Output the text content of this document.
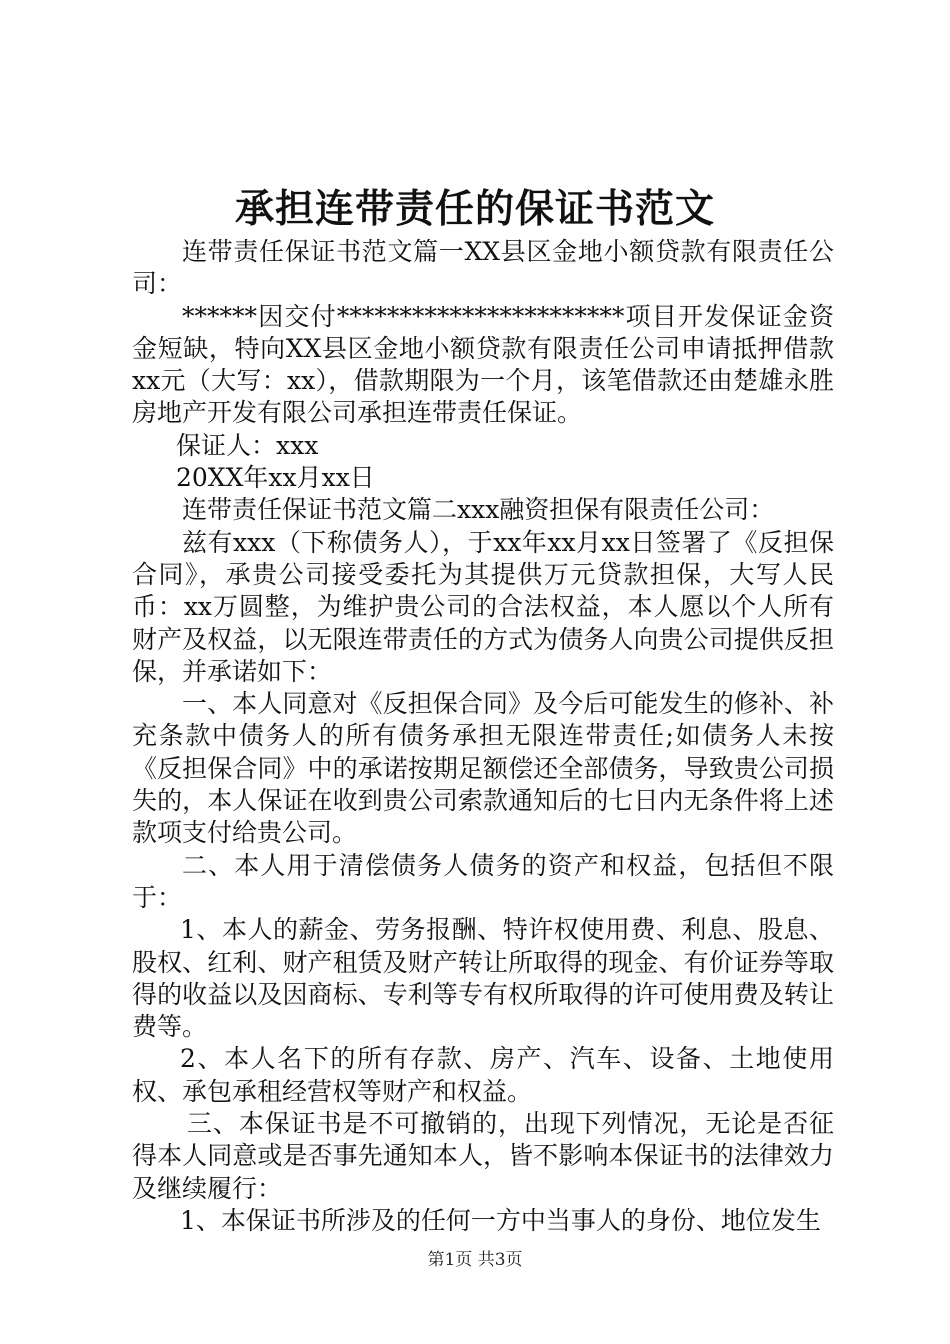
承担连带责任的保证书范文

连带责任保证书范文篇一XX县区金地小额贷款有限责任公司：

******因交付***********************项目开发保证金资金短缺，特向XX县区金地小额贷款有限责任公司申请抵押借款xx元（大写：xx），借款期限为一个月，该笔借款还由楚雄永胜房地产开发有限公司承担连带责任保证。

保证人：xxx

20XX年xx月xx日

连带责任保证书范文篇二xxx融资担保有限责任公司：

兹有xxx（下称债务人），于xx年xx月xx日签署了《反担保合同》，承贵公司接受委托为其提供万元贷款担保，大写人民币：xx万圆整，为维护贵公司的合法权益，本人愿以个人所有财产及权益，以无限连带责任的方式为债务人向贵公司提供反担保，并承诺如下：

一、本人同意对《反担保合同》及今后可能发生的修补、补充条款中债务人的所有债务承担无限连带责任;如债务人未按《反担保合同》中的承诺按期足额偿还全部债务，导致贵公司损失的，本人保证在收到贵公司索款通知后的七日内无条件将上述款项支付给贵公司。

二、本人用于清偿债务人债务的资产和权益，包括但不限于：

1、本人的薪金、劳务报酬、特许权使用费、利息、股息、股权、红利、财产租赁及财产转让所取得的现金、有价证券等取得的收益以及因商标、专利等专有权所取得的许可使用费及转让费等。

2、本人名下的所有存款、房产、汽车、设备、土地使用权、承包承租经营权等财产和权益。

三、本保证书是不可撤销的，出现下列情况，无论是否征得本人同意或是否事先通知本人，皆不影响本保证书的法律效力及继续履行：

1、本保证书所涉及的任何一方中当事人的身份、地位发生

第1页 共3页
